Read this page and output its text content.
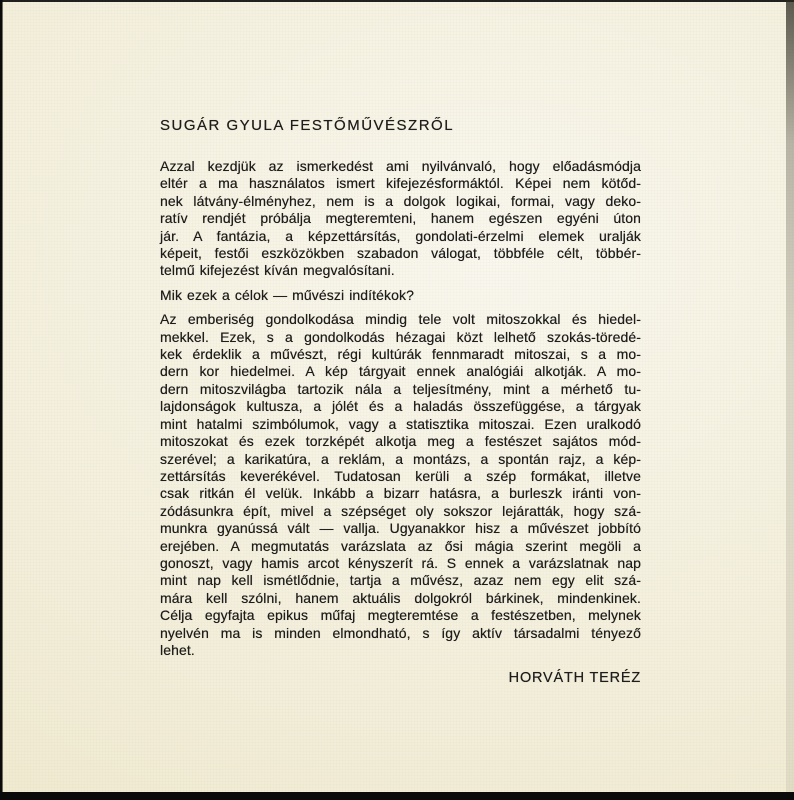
SUGÁR GYULA FESTŐMŰVÉSZRŐL
Azzal kezdjük az ismerkedést ami nyilvánvaló, hogy előadásmódja
eltér a ma használatos ismert kifejezésformáktól. Képei nem kötőd-
nek látvány-élményhez, nem is a dolgok logikai, formai, vagy deko-
ratív rendjét próbálja megteremteni, hanem egészen egyéni úton
jár. A fantázia, a képzettársítás, gondolati-érzelmi elemek uralják
képeit, festői eszközökben szabadon válogat, többféle célt, többér-
telmű kifejezést kíván megvalósítani.
Mik ezek a célok — művészi indítékok?
Az emberiség gondolkodása mindig tele volt mitoszokkal és hiedel-
mekkel. Ezek, s a gondolkodás hézagai közt lelhető szokás-töredé-
kek érdeklik a művészt, régi kultúrák fennmaradt mitoszai, s a mo-
dern kor hiedelmei. A kép tárgyait ennek analógiái alkotják. A mo-
dern mitoszvilágba tartozik nála a teljesítmény, mint a mérhető tu-
lajdonságok kultusza, a jólét és a haladás összefüggése, a tárgyak
mint hatalmi szimbólumok, vagy a statisztika mitoszai. Ezen uralkodó
mitoszokat és ezek torzképét alkotja meg a festészet sajátos mód-
szerével; a karikatúra, a reklám, a montázs, a spontán rajz, a kép-
zettársítás keverékével. Tudatosan kerüli a szép formákat, illetve
csak ritkán él velük. Inkább a bizarr hatásra, a burleszk iránti von-
zódásunkra épít, mivel a szépséget oly sokszor lejáratták, hogy szá-
munkra gyanússá vált — vallja. Ugyanakkor hisz a művészet jobbító
erejében. A megmutatás varázslata az ősi mágia szerint megöli a
gonoszt, vagy hamis arcot kényszerít rá. S ennek a varázslatnak nap
mint nap kell ismétlődnie, tartja a művész, azaz nem egy elit szá-
mára kell szólni, hanem aktuális dolgokról bárkinek, mindenkinek.
Célja egyfajta epikus műfaj megteremtése a festészetben, melynek
nyelvén ma is minden elmondható, s így aktív társadalmi tényező
lehet.
HORVÁTH TERÉZ
